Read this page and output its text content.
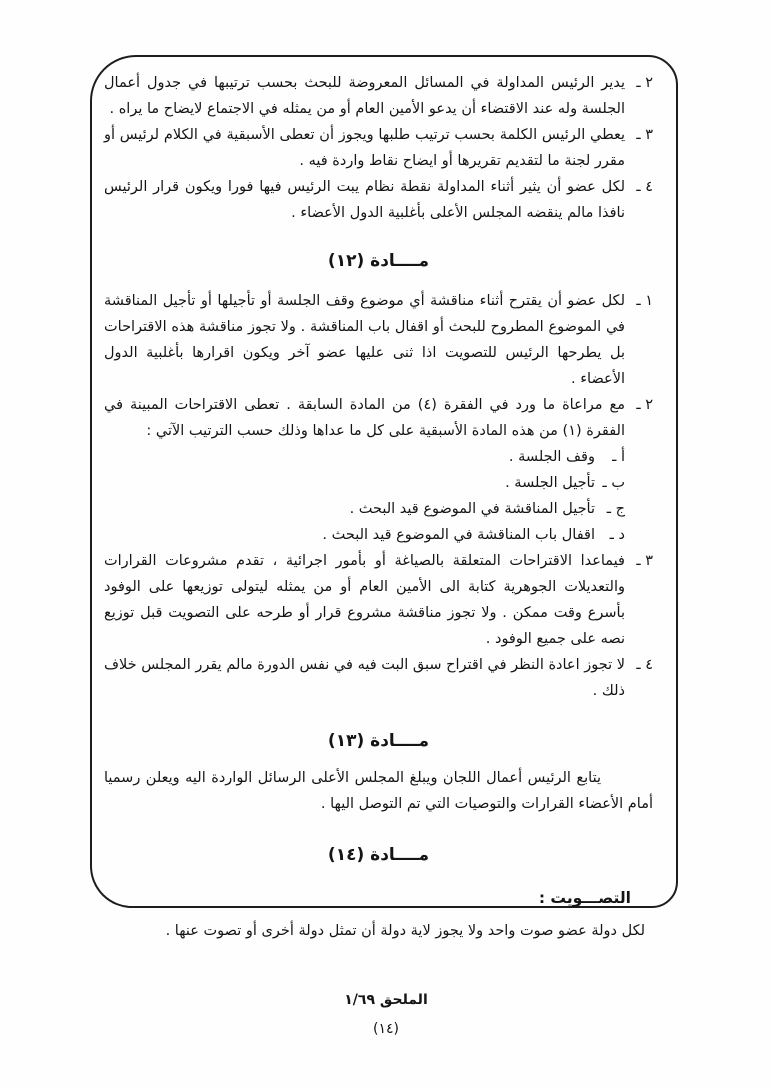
٢ ـ
يدير الرئيس المداولة في المسائل المعروضة للبحث بحسب ترتيبها في جدول أعمال الجلسة وله عند الاقتضاء أن يدعو الأمين العام أو من يمثله في الاجتماع لايضاح ما يراه .
٣ ـ
يعطي الرئيس الكلمة بحسب ترتيب طلبها ويجوز أن تعطى الأسبقية في الكلام لرئيس أو مقرر لجنة ما لتقديم تقريرها أو ايضاح نقاط واردة فيه .
٤ ـ
لكل عضو أن يثير أثناء المداولة نقطة نظام يبت الرئيس فيها فورا ويكون قرار الرئيس نافذا مالم ينقضه المجلس الأعلى بأغلبية الدول الأعضاء .
مــــادة (١٢)
١ ـ
لكل عضو أن يقترح أثناء مناقشة أي موضوع وقف الجلسة أو تأجيلها أو تأجيل المناقشة في الموضوع المطروح للبحث أو اقفال باب المناقشة . ولا تجوز مناقشة هذه الاقتراحات بل يطرحها الرئيس للتصويت اذا ثنى عليها عضو آخر ويكون اقرارها بأغلبية الدول الأعضاء .
٢ ـ
مع مراعاة ما ورد في الفقرة (٤) من المادة السابقة . تعطى الاقتراحات المبينة في الفقرة (١) من هذه المادة الأسبقية على كل ما عداها وذلك حسب الترتيب الآتي :
أ ـ
وقف الجلسة .
ب ـ
تأجيل الجلسة .
ج ـ
تأجيل المناقشة في الموضوع قيد البحث .
د ـ
اقفال باب المناقشة في الموضوع قيد البحث .
٣ ـ
فيماعدا الاقتراحات المتعلقة بالصياغة أو بأمور اجرائية ، تقدم مشروعات القرارات والتعديلات الجوهرية كتابة الى الأمين العام أو من يمثله ليتولى توزيعها على الوفود بأسرع وقت ممكن . ولا تجوز مناقشة مشروع قرار أو طرحه على التصويت قبل توزيع نصه على جميع الوفود .
٤ ـ
لا تجوز اعادة النظر في اقتراح سبق البت فيه في نفس الدورة مالم يقرر المجلس خلاف ذلك .
مــــادة (١٣)

يتابع الرئيس أعمال اللجان ويبلغ المجلس الأعلى الرسائل الواردة اليه ويعلن رسميا أمام الأعضاء القرارات والتوصيات التي تم التوصل اليها .

مــــادة (١٤)
التصـــويت :

لكل دولة عضو صوت واحد ولا يجوز لاية دولة أن تمثل دولة أخرى أو تصوت عنها .

الملحق ١/٦٩
(١٤)
